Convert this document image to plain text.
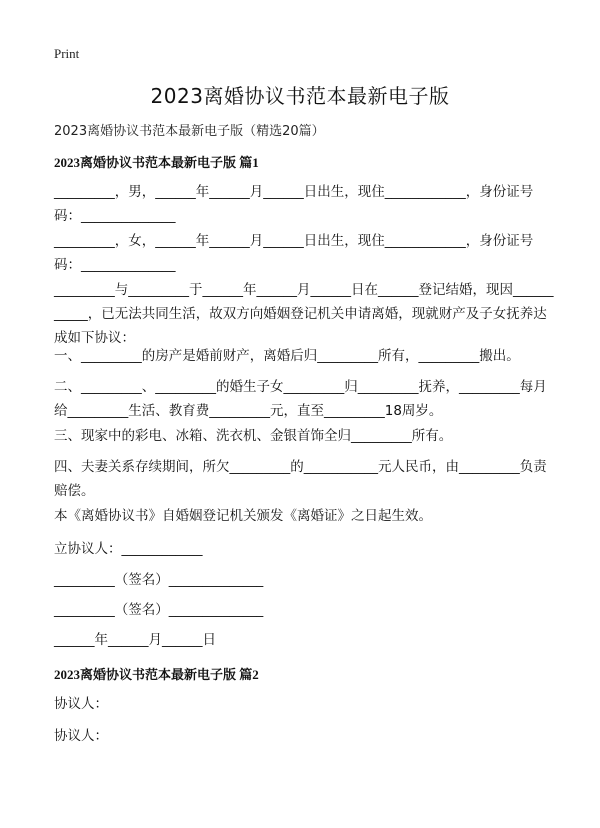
Print
2023离婚协议书范本最新电子版
2023离婚协议书范本最新电子版（精选20篇）
2023离婚协议书范本最新电子版 篇1
_________，男，______年______月______日出生，现住____________，身份证号码：______________
_________，女，______年______月______日出生，现住____________，身份证号码：______________
_________与_________于______年______月______日在______登记结婚，现因___________，已无法共同生活，故双方向婚姻登记机关申请离婚，现就财产及子女抚养达成如下协议：
一、_________的房产是婚前财产，离婚后归_________所有，_________搬出。
二、_________、_________的婚生子女_________归_________抚养，_________每月给_________生活、教育费_________元，直至_________18周岁。
三、现家中的彩电、冰箱、洗衣机、金银首饰全归_________所有。
四、夫妻关系存续期间，所欠_________的___________元人民币，由_________负责赔偿。
本《离婚协议书》自婚姻登记机关颁发《离婚证》之日起生效。
立协议人：____________
_________（签名）______________
_________（签名）______________
______年______月______日
2023离婚协议书范本最新电子版 篇2
协议人：
协议人：
